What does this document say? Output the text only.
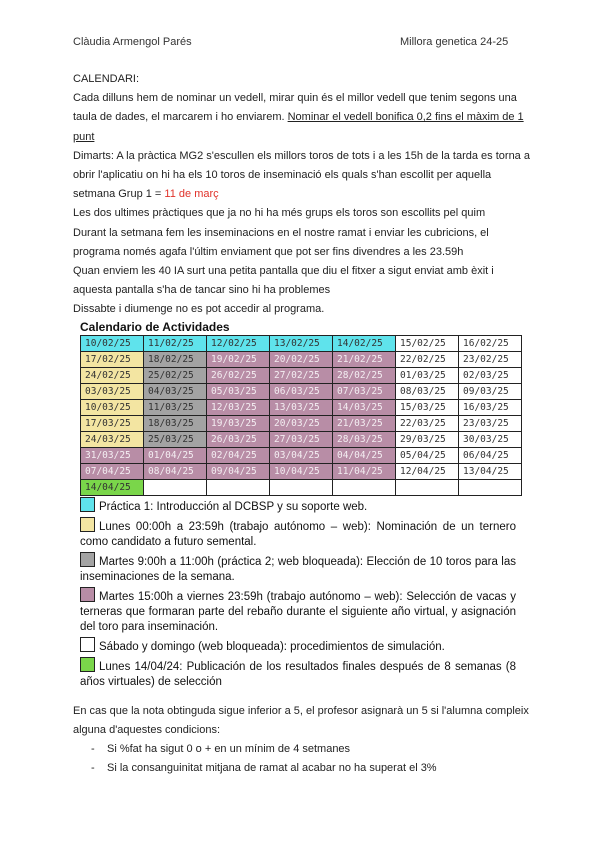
Clàudia Armengol Parés	Millora genetica 24-25

CALENDARI:

Cada dilluns hem de nominar un vedell, mirar quin és el millor vedell que tenim segons una taula de dades, el marcarem i ho enviarem. Nominar el vedell bonifica 0,2 fins el màxim de 1 punt

Dimarts: A la pràctica MG2 s'escullen els millors toros de tots i a les 15h de la tarda es torna a obrir l'aplicatiu on hi ha els 10 toros de inseminació els quals s'han escollit per aquella setmana Grup 1 = 11 de març

Les dos ultimes pràctiques que ja no hi ha més grups els toros son escollits pel quim

Durant la setmana fem les inseminacions en el nostre ramat i enviar les cubricions, el programa només agafa l'últim enviament que pot ser fins divendres a les 23.59h

Quan enviem les 40 IA surt una petita pantalla que diu el fitxer a sigut enviat amb èxit i aquesta pantalla s'ha de tancar sino hi ha problemes

Dissabte i diumenge no es pot accedir al programa.

Calendario de Actividades
10/02/25	11/02/25	12/02/25	13/02/25	14/02/25	15/02/25	16/02/25
17/02/25	18/02/25	19/02/25	20/02/25	21/02/25	22/02/25	23/02/25
24/02/25	25/02/25	26/02/25	27/02/25	28/02/25	01/03/25	02/03/25
03/03/25	04/03/25	05/03/25	06/03/25	07/03/25	08/03/25	09/03/25
10/03/25	11/03/25	12/03/25	13/03/25	14/03/25	15/03/25	16/03/25
17/03/25	18/03/25	19/03/25	20/03/25	21/03/25	22/03/25	23/03/25
24/03/25	25/03/25	26/03/25	27/03/25	28/03/25	29/03/25	30/03/25
31/03/25	01/04/25	02/04/25	03/04/25	04/04/25	05/04/25	06/04/25
07/04/25	08/04/25	09/04/25	10/04/25	11/04/25	12/04/25	13/04/25
14/04/25						
Práctica 1: Introducción al DCBSP y su soporte web.
Lunes 00:00h a 23:59h (trabajo autónomo – web): Nominación de un ternero como candidato a futuro semental.
Martes 9:00h a 11:00h (práctica 2; web bloqueada): Elección de 10 toros para las inseminaciones de la semana.
Martes 15:00h a viernes 23:59h (trabajo autónomo – web): Selección de vacas y terneras que formaran parte del rebaño durante el siguiente año virtual, y asignación del toro para inseminación.
Sábado y domingo (web bloqueada): procedimientos de simulación.
Lunes 14/04/24: Publicación de los resultados finales después de 8 semanas (8 años virtuales) de selección

En cas que la nota obtinguda sigue inferior a 5, el profesor asignarà un 5 si l'alumna compleix alguna d'aquestes condicions:

- Si %fat ha sigut 0 o + en un mínim de 4 setmanes
- Si la consanguinitat mitjana de ramat al acabar no ha superat el 3%
